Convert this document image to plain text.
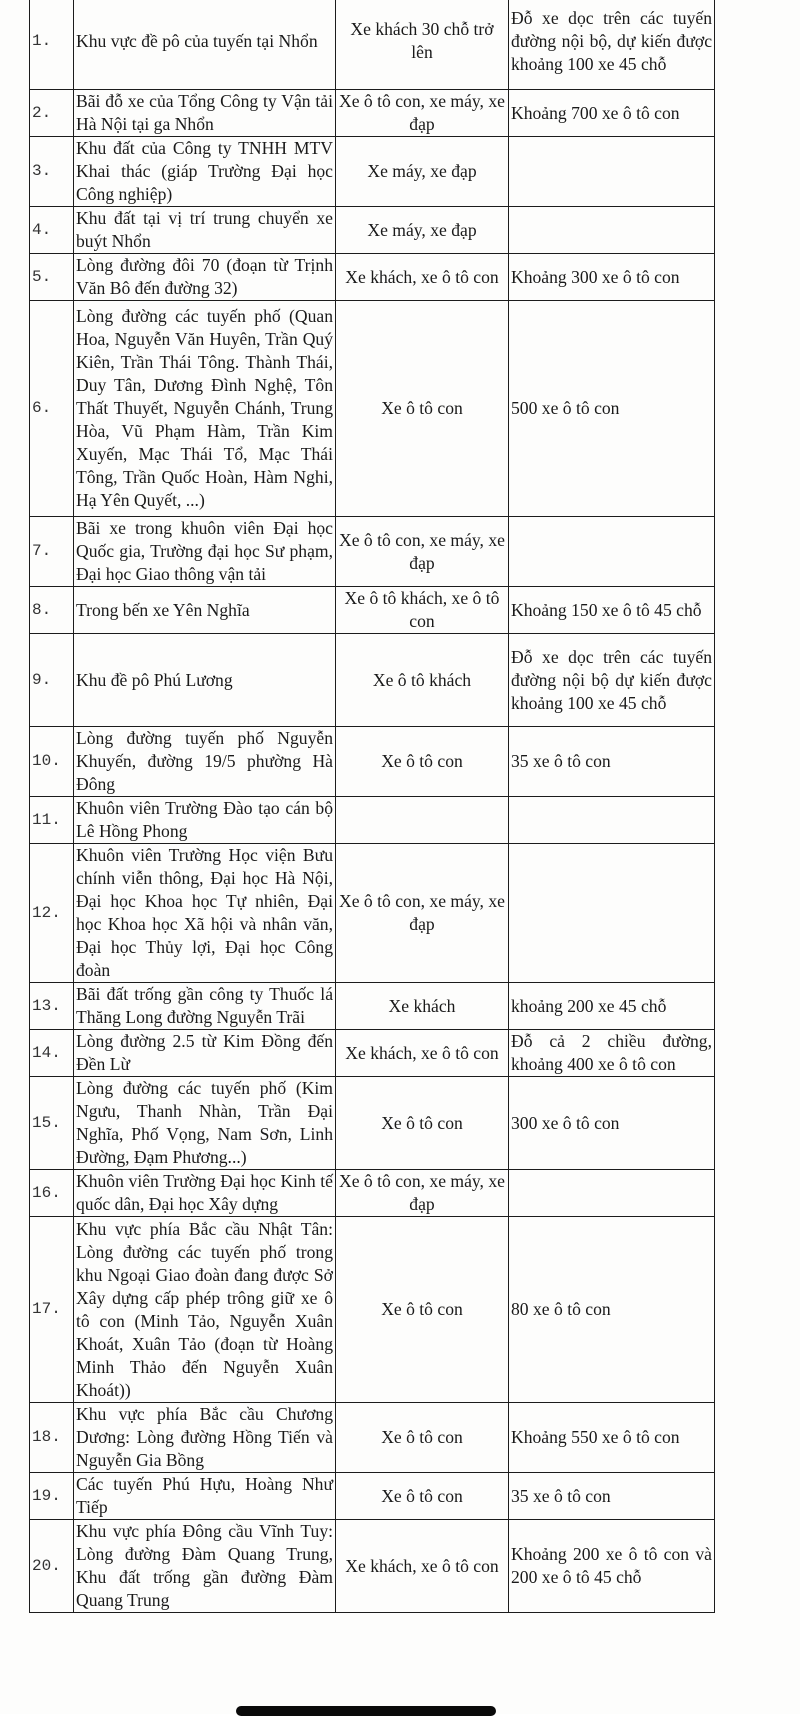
1.	Khu vực đề pô của tuyến tại Nhổn	Xe khách 30 chỗ trở lên	Đỗ xe dọc trên các tuyến đường nội bộ, dự kiến được khoảng 100 xe 45 chỗ
2.	Bãi đỗ xe của Tổng Công ty Vận tải Hà Nội tại ga Nhổn	Xe ô tô con, xe máy, xe đạp	Khoảng 700 xe ô tô con
3.	Khu đất của Công ty TNHH MTV Khai thác (giáp Trường Đại học Công nghiệp)	Xe máy, xe đạp	
4.	Khu đất tại vị trí trung chuyển xe buýt Nhổn	Xe máy, xe đạp	
5.	Lòng đường đôi 70 (đoạn từ Trịnh Văn Bô đến đường 32)	Xe khách, xe ô tô con	Khoảng 300 xe ô tô con
6.	Lòng đường các tuyến phố (Quan Hoa, Nguyễn Văn Huyên, Trần Quý Kiên, Trần Thái Tông. Thành Thái, Duy Tân, Dương Đình Nghệ, Tôn Thất Thuyết, Nguyễn Chánh, Trung Hòa, Vũ Phạm Hàm, Trần Kim Xuyến, Mạc Thái Tổ, Mạc Thái Tông, Trần Quốc Hoàn, Hàm Nghi, Hạ Yên Quyết, ...)	Xe ô tô con	500 xe ô tô con
7.	Bãi xe trong khuôn viên Đại học Quốc gia, Trường đại học Sư phạm, Đại học Giao thông vận tải	Xe ô tô con, xe máy, xe đạp	
8.	Trong bến xe Yên Nghĩa	Xe ô tô khách, xe ô tô con	Khoảng 150 xe ô tô 45 chỗ
9.	Khu đề pô Phú Lương	Xe ô tô khách	Đỗ xe dọc trên các tuyến đường nội bộ dự kiến được khoảng 100 xe 45 chỗ
10.	Lòng đường tuyến phố Nguyễn Khuyến, đường 19/5 phường Hà Đông	Xe ô tô con	35 xe ô tô con
11.	Khuôn viên Trường Đào tạo cán bộ Lê Hồng Phong		
12.	Khuôn viên Trường Học viện Bưu chính viễn thông, Đại học Hà Nội, Đại học Khoa học Tự nhiên, Đại học Khoa học Xã hội và nhân văn, Đại học Thủy lợi, Đại học Công đoàn	Xe ô tô con, xe máy, xe đạp	
13.	Bãi đất trống gần công ty Thuốc lá Thăng Long đường Nguyễn Trãi	Xe khách	khoảng 200 xe 45 chỗ
14.	Lòng đường 2.5 từ Kim Đồng đến Đền Lừ	Xe khách, xe ô tô con	Đỗ cả 2 chiều đường, khoảng 400 xe ô tô con
15.	Lòng đường các tuyến phố (Kim Ngưu, Thanh Nhàn, Trần Đại Nghĩa, Phố Vọng, Nam Sơn, Linh Đường, Đạm Phương...)	Xe ô tô con	300 xe ô tô con
16.	Khuôn viên Trường Đại học Kinh tế quốc dân, Đại học Xây dựng	Xe ô tô con, xe máy, xe đạp	
17.	Khu vực phía Bắc cầu Nhật Tân: Lòng đường các tuyến phố trong khu Ngoại Giao đoàn đang được Sở Xây dựng cấp phép trông giữ xe ô tô con (Minh Tảo, Nguyễn Xuân Khoát, Xuân Tảo (đoạn từ Hoàng Minh Thảo đến Nguyễn Xuân Khoát))	Xe ô tô con	80 xe ô tô con
18.	Khu vực phía Bắc cầu Chương Dương: Lòng đường Hồng Tiến và Nguyễn Gia Bồng	Xe ô tô con	Khoảng 550 xe ô tô con
19.	Các tuyến Phú Hựu, Hoàng Như Tiếp	Xe ô tô con	35 xe ô tô con
20.	Khu vực phía Đông cầu Vĩnh Tuy: Lòng đường Đàm Quang Trung, Khu đất trống gần đường Đàm Quang Trung	Xe khách, xe ô tô con	Khoảng 200 xe ô tô con và 200 xe ô tô 45 chỗ
